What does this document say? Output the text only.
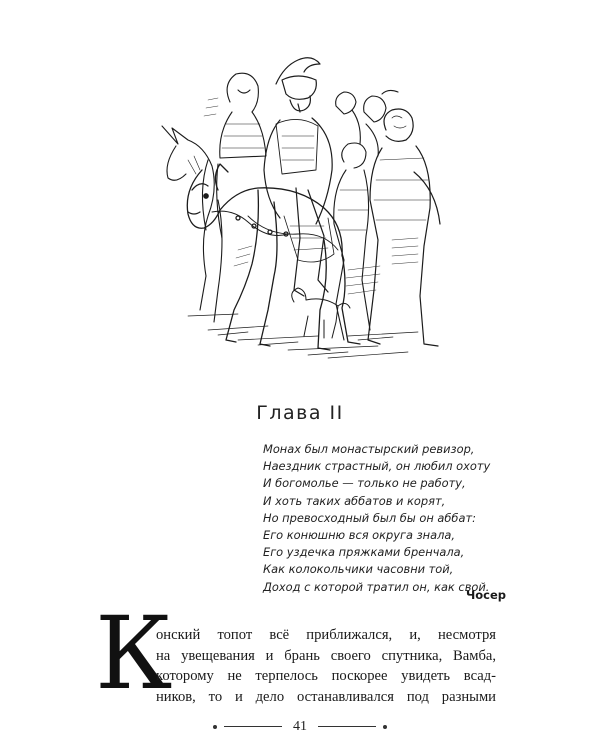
Глава II
Монах был монастырский ревизор,
Наездник страстный, он любил охоту
И богомолье — только не работу,
И хоть таких аббатов и корят,
Но превосходный был бы он аббат:
Его конюшню вся округа знала,
Его уздечка пряжками бренчала,
Как колокольчики часовни той,
Доход с которой тратил он, как свой.
Чосер
К
онский топот всё приближался, и, несмотря
на увещевания и брань своего спутника, Вамба,
которому не терпелось поскорее увидеть всад-
ников, то и дело останавливался под разными
41
